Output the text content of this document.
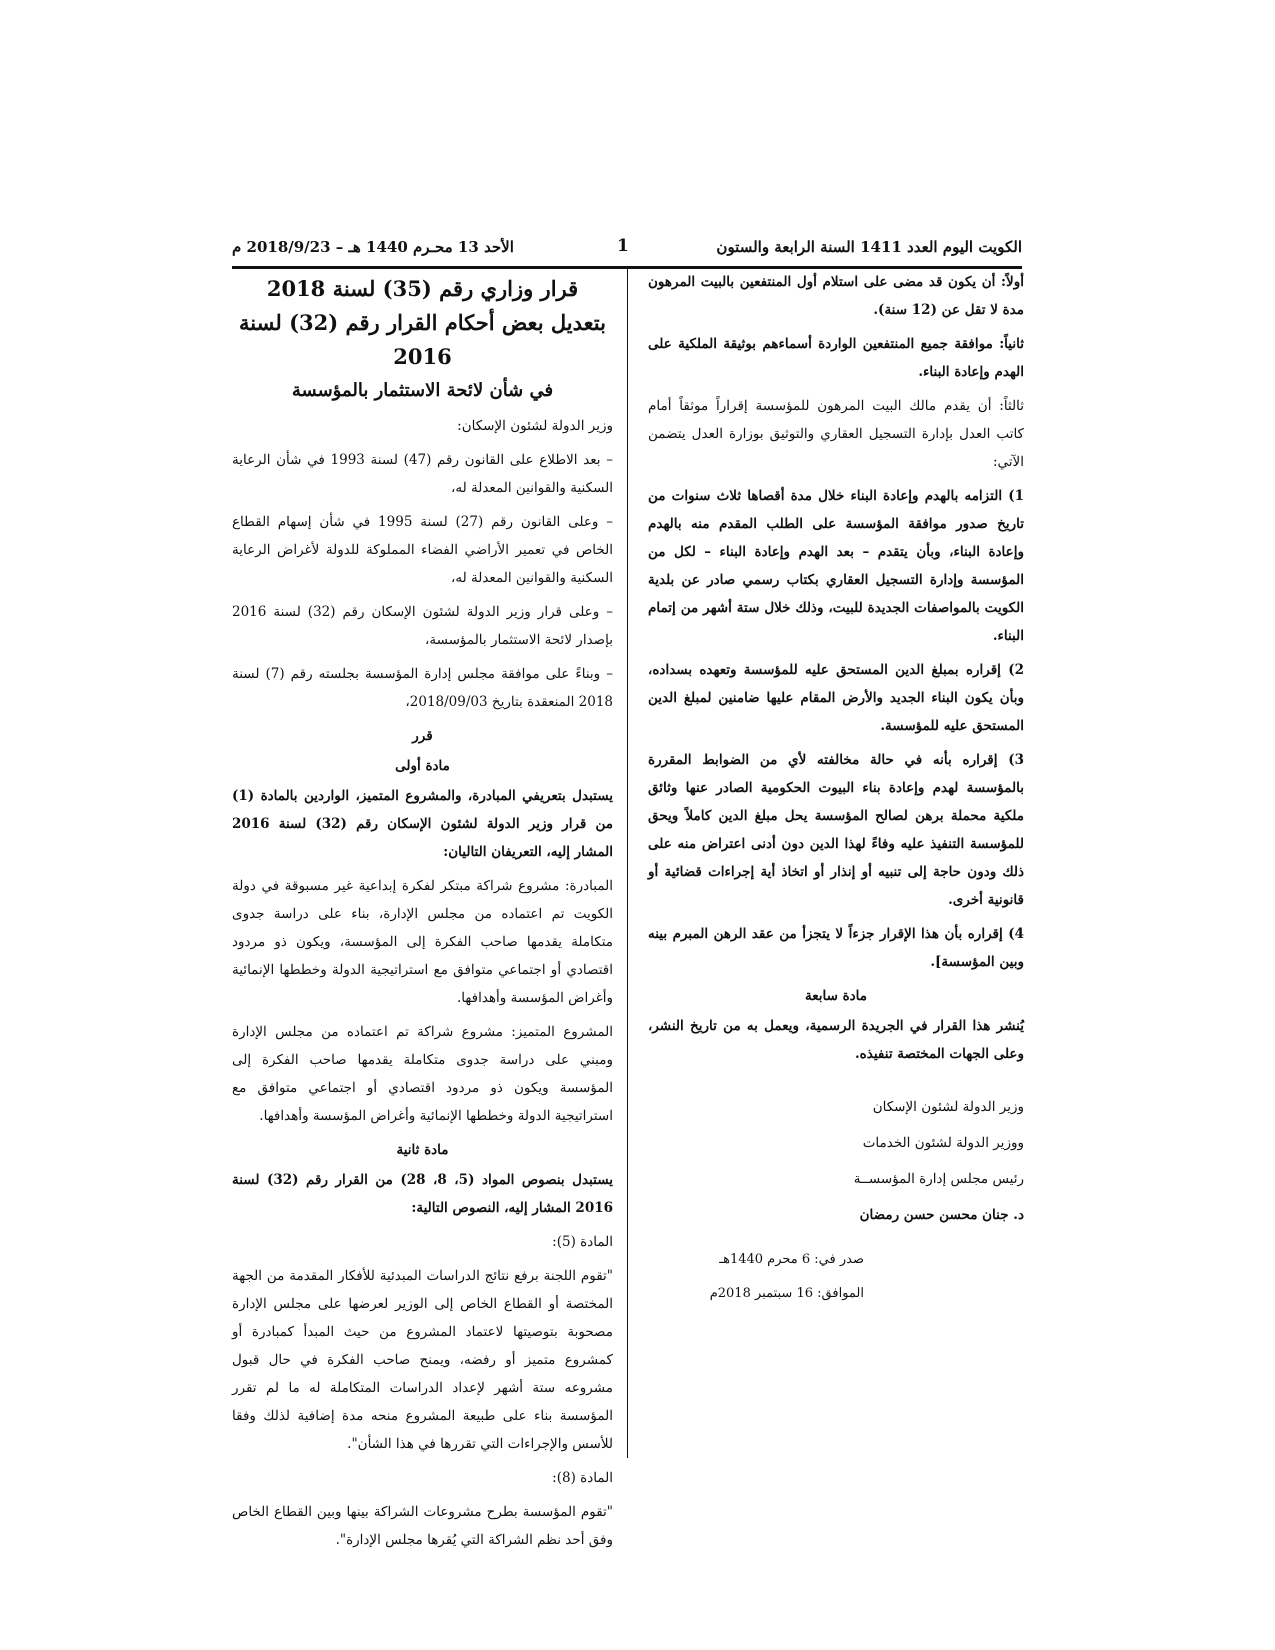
الكويت اليوم العدد 1411 السنة الرابعة والستون
1
الأحد 13 محـرم 1440 هـ – 2018/9/23 م

أولاً: أن يكون قد مضى على استلام أول المنتفعين بالبيت المرهون مدة لا تقل عن (12 سنة).

ثانياً: موافقة جميع المنتفعين الواردة أسماءهم بوثيقة الملكية على الهدم وإعادة البناء.

ثالثاً: أن يقدم مالك البيت المرهون للمؤسسة إقراراً موثقاً أمام كاتب العدل بإدارة التسجيل العقاري والتوثيق بوزارة العدل يتضمن الآتي:

1) التزامه بالهدم وإعادة البناء خلال مدة أقصاها ثلاث سنوات من تاريخ صدور موافقة المؤسسة على الطلب المقدم منه بالهدم وإعادة البناء، وبأن يتقدم – بعد الهدم وإعادة البناء – لكل من المؤسسة وإدارة التسجيل العقاري بكتاب رسمي صادر عن بلدية الكويت بالمواصفات الجديدة للبيت، وذلك خلال ستة أشهر من إتمام البناء.

2) إقراره بمبلغ الدين المستحق عليه للمؤسسة وتعهده بسداده، وبأن يكون البناء الجديد والأرض المقام عليها ضامنين لمبلغ الدين المستحق عليه للمؤسسة.

3) إقراره بأنه في حالة مخالفته لأي من الضوابط المقررة بالمؤسسة لهدم وإعادة بناء البيوت الحكومية الصادر عنها وثائق ملكية محملة برهن لصالح المؤسسة يحل مبلغ الدين كاملاً ويحق للمؤسسة التنفيذ عليه وفاءً لهذا الدين دون أدنى اعتراض منه على ذلك ودون حاجة إلى تنبيه أو إنذار أو اتخاذ أية إجراءات قضائية أو قانونية أخرى.

4) إقراره بأن هذا الإقرار جزءاً لا يتجزأ من عقد الرهن المبرم بينه وبين المؤسسة].

مادة سابعة

يُنشر هذا القرار في الجريدة الرسمية، ويعمل به من تاريخ النشر، وعلى الجهات المختصة تنفيذه.

وزير الدولة لشئون الإسكان

ووزير الدولة لشئون الخدمات

رئيس مجلس إدارة المؤسســة

د. جنان محسن حسن رمضان

صدر في: 6 محرم 1440هـ

الموافق: 16 سبتمبر 2018م

قرار وزاري رقم (35) لسنة 2018

بتعديل بعض أحكام القرار رقم (32) لسنة 2016

في شأن لائحة الاستثمار بالمؤسسة

وزير الدولة لشئون الإسكان:

– بعد الاطلاع على القانون رقم (47) لسنة 1993 في شأن الرعاية السكنية والقوانين المعدلة له،

– وعلى القانون رقم (27) لسنة 1995 في شأن إسهام القطاع الخاص في تعمير الأراضي الفضاء المملوكة للدولة لأغراض الرعاية السكنية والقوانين المعدلة له،

– وعلى قرار وزير الدولة لشئون الإسكان رقم (32) لسنة 2016 بإصدار لائحة الاستثمار بالمؤسسة،

– وبناءً على موافقة مجلس إدارة المؤسسة بجلسته رقم (7) لسنة 2018 المنعقدة بتاريخ 2018/09/03،

قرر

مادة أولى

يستبدل بتعريفي المبادرة، والمشروع المتميز، الواردين بالمادة (1) من قرار وزير الدولة لشئون الإسكان رقم (32) لسنة 2016 المشار إليه، التعريفان التاليان:

المبادرة: مشروع شراكة مبتكر لفكرة إبداعية غير مسبوقة في دولة الكويت تم اعتماده من مجلس الإدارة، بناء على دراسة جدوى متكاملة يقدمها صاحب الفكرة إلى المؤسسة، ويكون ذو مردود اقتصادي أو اجتماعي متوافق مع استراتيجية الدولة وخططها الإنمائية وأغراض المؤسسة وأهدافها.

المشروع المتميز: مشروع شراكة تم اعتماده من مجلس الإدارة ومبني على دراسة جدوى متكاملة يقدمها صاحب الفكرة إلى المؤسسة ويكون ذو مردود اقتصادي أو اجتماعي متوافق مع استراتيجية الدولة وخططها الإنمائية وأغراض المؤسسة وأهدافها.

مادة ثانية

يستبدل بنصوص المواد (5، 8، 28) من القرار رقم (32) لسنة 2016 المشار إليه، النصوص التالية:

المادة (5):

"تقوم اللجنة برفع نتائج الدراسات المبدئية للأفكار المقدمة من الجهة المختصة أو القطاع الخاص إلى الوزير لعرضها على مجلس الإدارة مصحوبة بتوصيتها لاعتماد المشروع من حيث المبدأ كمبادرة أو كمشروع متميز أو رفضه، ويمنح صاحب الفكرة في حال قبول مشروعه ستة أشهر لإعداد الدراسات المتكاملة له ما لم تقرر المؤسسة بناء على طبيعة المشروع منحه مدة إضافية لذلك وفقا للأسس والإجراءات التي تقررها في هذا الشأن".

المادة (8):

"تقوم المؤسسة بطرح مشروعات الشراكة بينها وبين القطاع الخاص وفق أحد نظم الشراكة التي يُقرها مجلس الإدارة".
